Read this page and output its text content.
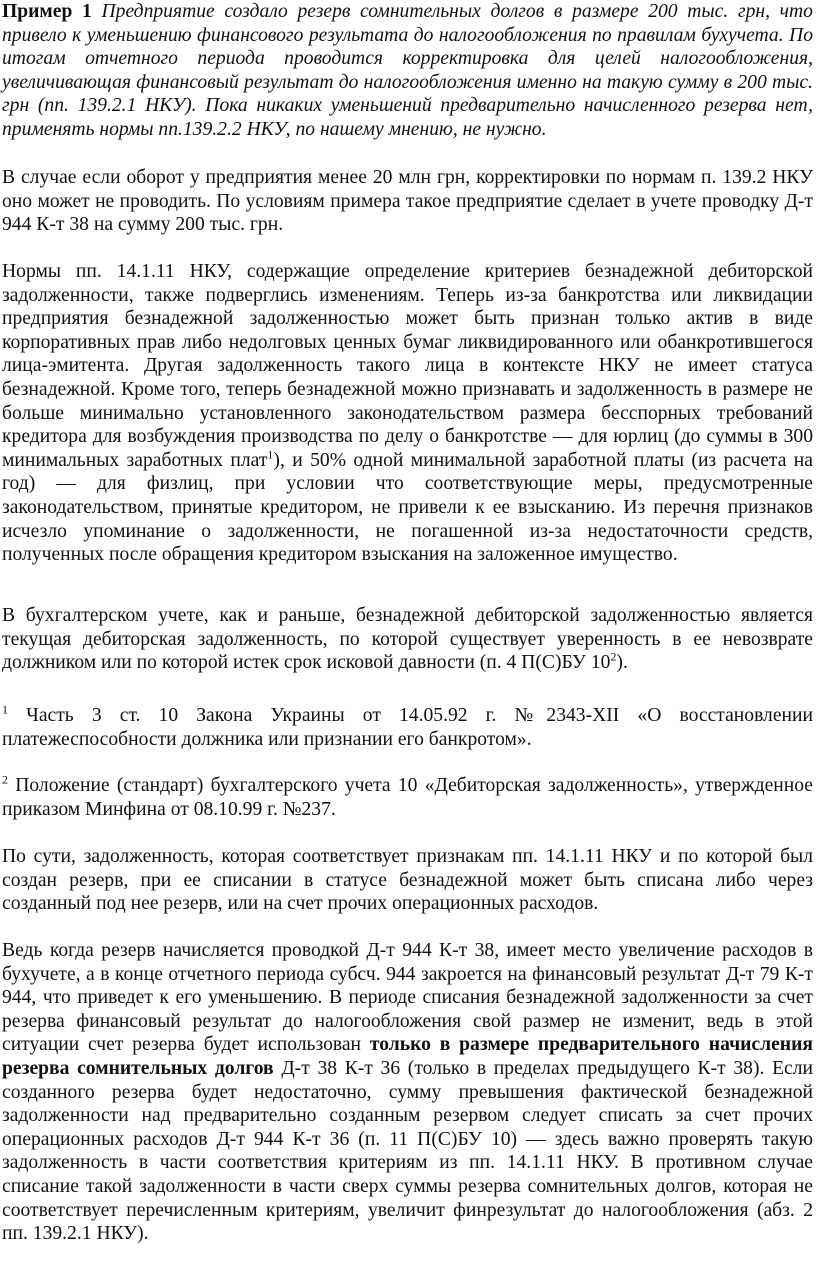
Пример 1 Предприятие создало резерв сомнительных долгов в размере 200 тыс. грн, что привело к уменьшению финансового результата до налогообложения по правилам бухучета. По итогам отчетного периода проводится корректировка для целей налогообложения, увеличивающая финансовый результат до налогообложения именно на такую сумму в 200 тыс. грн (пп. 139.2.1 НКУ). Пока никаких уменьшений предварительно начисленного резерва нет, применять нормы пп.139.2.2 НКУ, по нашему мнению, не нужно.

В случае если оборот у предприятия менее 20 млн грн, корректировки по нормам п. 139.2 НКУ оно может не проводить. По условиям примера такое предприятие сделает в учете проводку Д-т 944 К-т 38 на сумму 200 тыс. грн.

Нормы пп. 14.1.11 НКУ, содержащие определение критериев безнадежной дебиторской задолженности, также подверглись изменениям. Теперь из-за банкротства или ликвидации предприятия безнадежной задолженностью может быть признан только актив в виде корпоративных прав либо недолговых ценных бумаг ликвидированного или обанкротившегося лица-эмитента. Другая задолженность такого лица в контексте НКУ не имеет статуса безнадежной. Кроме того, теперь безнадежной можно признавать и задолженность в размере не больше минимально установленного законодательством размера бесспорных требований кредитора для возбуждения производства по делу о банкротстве — для юрлиц (до суммы в 300 минимальных заработных плат$^1$), и 50% одной минимальной заработной платы (из расчета на год) — для физлиц, при условии что соответствующие меры, предусмотренные законодательством, принятые кредитором, не привели к ее взысканию. Из перечня признаков исчезло упоминание о задолженности, не погашенной из-за недостаточности средств, полученных после обращения кредитором взыскания на заложенное имущество.

В бухгалтерском учете, как и раньше, безнадежной дебиторской задолженностью является текущая дебиторская задолженность, по которой существует уверенность в ее невозврате должником или по которой истек срок исковой давности (п. 4 П(С)БУ $10^2$).

$^1$ Часть 3 ст. 10 Закона Украины от 14.05.92 г. №2343-XII «О восстановлении платежеспособности должника или признании его банкротом».

$^2$ Положение (стандарт) бухгалтерского учета 10 «Дебиторская задолженность», утвержденное приказом Минфина от 08.10.99 г. №237.

По сути, задолженность, которая соответствует признакам пп. 14.1.11 НКУ и по которой был создан резерв, при ее списании в статусе безнадежной может быть списана либо через созданный под нее резерв, или на счет прочих операционных расходов.

Ведь когда резерв начисляется проводкой Д-т 944 К-т 38, имеет место увеличение расходов в бухучете, а в конце отчетного периода субсч. 944 закроется на финансовый результат Д-т 79 К-т 944, что приведет к его уменьшению. В периоде списания безнадежной задолженности за счет резерва финансовый результат до налогообложения свой размер не изменит, ведь в этой ситуации счет резерва будет использован только в размере предварительного начисления резерва сомнительных долгов Д-т 38 К-т 36 (только в пределах предыдущего К-т 38). Если созданного резерва будет недостаточно, сумму превышения фактической безнадежной задолженности над предварительно созданным резервом следует списать за счет прочих операционных расходов Д-т 944 К-т 36 (п. 11 П(С)БУ 10) — здесь важно проверять такую задолженность в части соответствия критериям из пп. 14.1.11 НКУ. В противном случае списание такой задолженности в части сверх суммы резерва сомнительных долгов, которая не соответствует перечисленным критериям, увеличит финрезультат до налогообложения (абз. 2 пп. 139.2.1 НКУ).
